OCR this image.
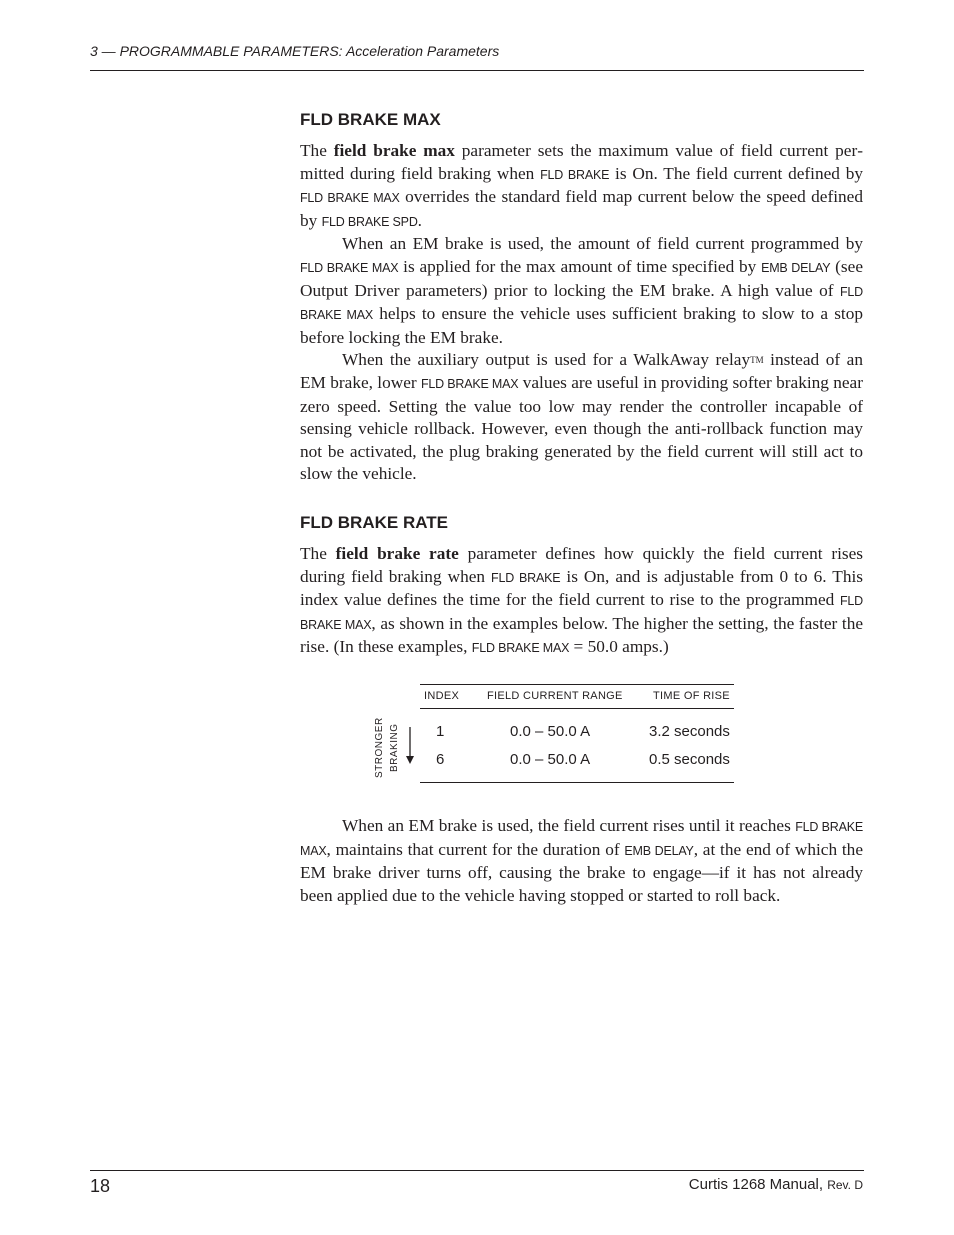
3 — PROGRAMMABLE PARAMETERS: Acceleration Parameters
FLD BRAKE MAX

The field brake max parameter sets the maximum value of field current permitted during field braking when FLD BRAKE is On. The field current defined by FLD BRAKE MAX overrides the standard field map current below the speed defined by FLD BRAKE SPD.

When an EM brake is used, the amount of field current programmed by FLD BRAKE MAX is applied for the max amount of time specified by EMB DELAY (see Output Driver parameters) prior to locking the EM brake. A high value of FLD BRAKE MAX helps to ensure the vehicle uses sufficient braking to slow to a stop before locking the EM brake.

When the auxiliary output is used for a WalkAway relayTM instead of an EM brake, lower FLD BRAKE MAX values are useful in providing softer braking near zero speed. Setting the value too low may render the controller incapable of sensing vehicle rollback. However, even though the anti-rollback function may not be activated, the plug braking generated by the field current will still act to slow the vehicle.

FLD BRAKE RATE

The field brake rate parameter defines how quickly the field current rises during field braking when FLD BRAKE is On, and is adjustable from 0 to 6. This index value defines the time for the field current to rise to the programmed FLD BRAKE MAX, as shown in the examples below. The higher the setting, the faster the rise. (In these examples, FLD BRAKE MAX = 50.0 amps.)

INDEX	FIELD CURRENT RANGE	TIME OF RISE
1	0.0 – 50.0 A	3.2 seconds
6	0.0 – 50.0 A	0.5 seconds
STRONGER BRAKING

When an EM brake is used, the field current rises until it reaches FLD BRAKE MAX, maintains that current for the duration of EMB DELAY, at the end of which the EM brake driver turns off, causing the brake to engage—if it has not already been applied due to the vehicle having stopped or started to roll back.

18	Curtis 1268 Manual, Rev. D
